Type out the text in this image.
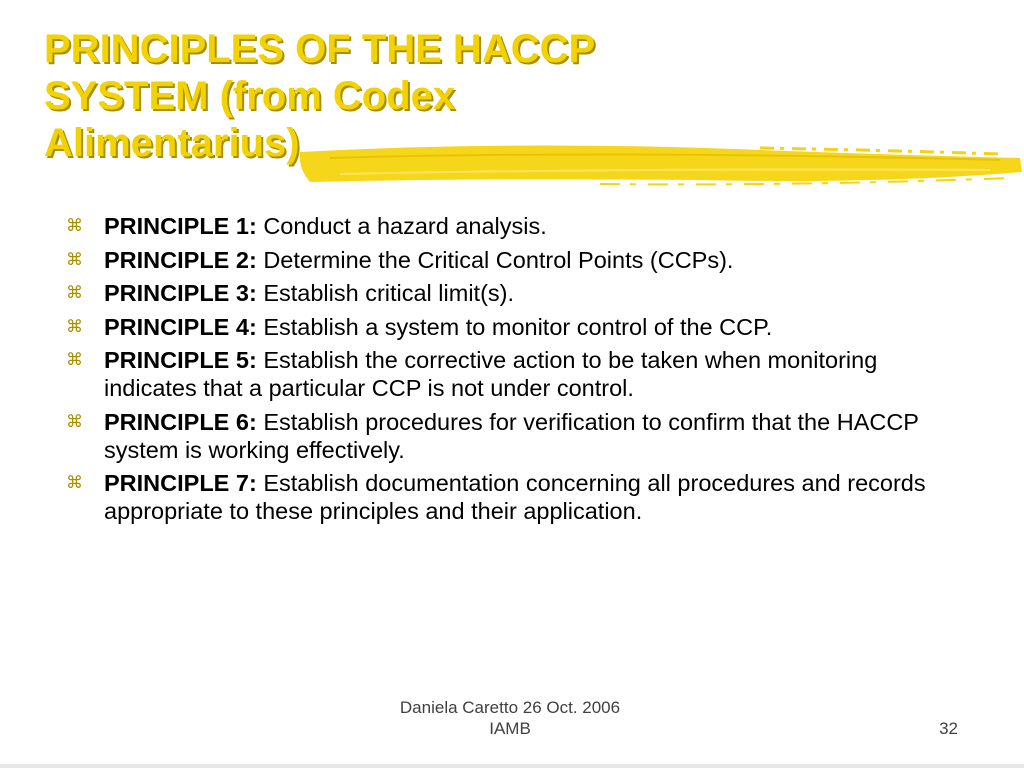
PRINCIPLES OF THE HACCP
SYSTEM (from Codex
Alimentarius)
⌘ PRINCIPLE 1: Conduct a hazard analysis.
⌘ PRINCIPLE 2: Determine the Critical Control Points (CCPs).
⌘ PRINCIPLE 3: Establish critical limit(s).
⌘ PRINCIPLE 4: Establish a system to monitor control of the CCP.
⌘ PRINCIPLE 5: Establish the corrective action to be taken when monitoring indicates that a particular CCP is not under control.
⌘ PRINCIPLE 6: Establish procedures for verification to confirm that the HACCP system is working effectively.
⌘ PRINCIPLE 7: Establish documentation concerning all procedures and records appropriate to these principles and their application.
Daniela Caretto 26 Oct. 2006
IAMB	32
